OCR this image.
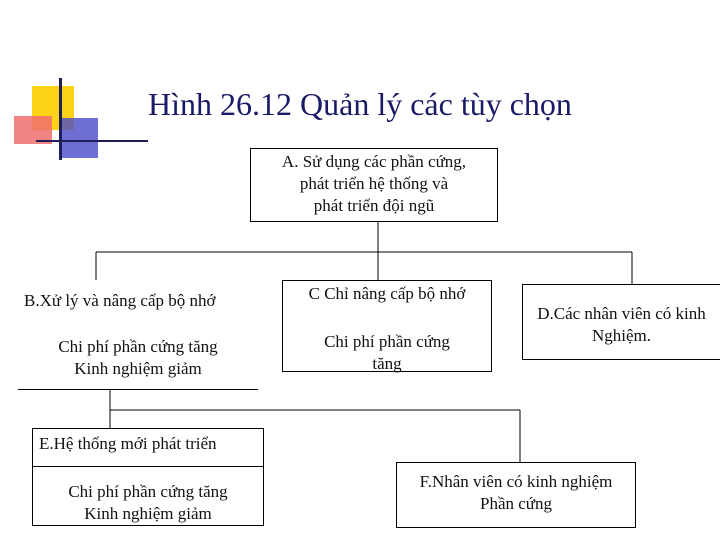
Hình 26.12 Quản lý các tùy chọn
A. Sử dụng các phần cứng,
phát triển hệ thống và
phát triển đội ngũ
B.Xử lý và nâng cấp bộ nhớ
Chi phí phần cứng tăng
Kinh nghiệm giảm
C Chỉ nâng cấp bộ nhớ
Chi phí phần cứng
tăng
D.Các nhân viên có kinh
Nghiệm.
E.Hệ thống mới phát triển
Chi phí phần cứng tăng
Kinh nghiệm giảm
F.Nhân viên có kinh nghiệm
Phần cứng
